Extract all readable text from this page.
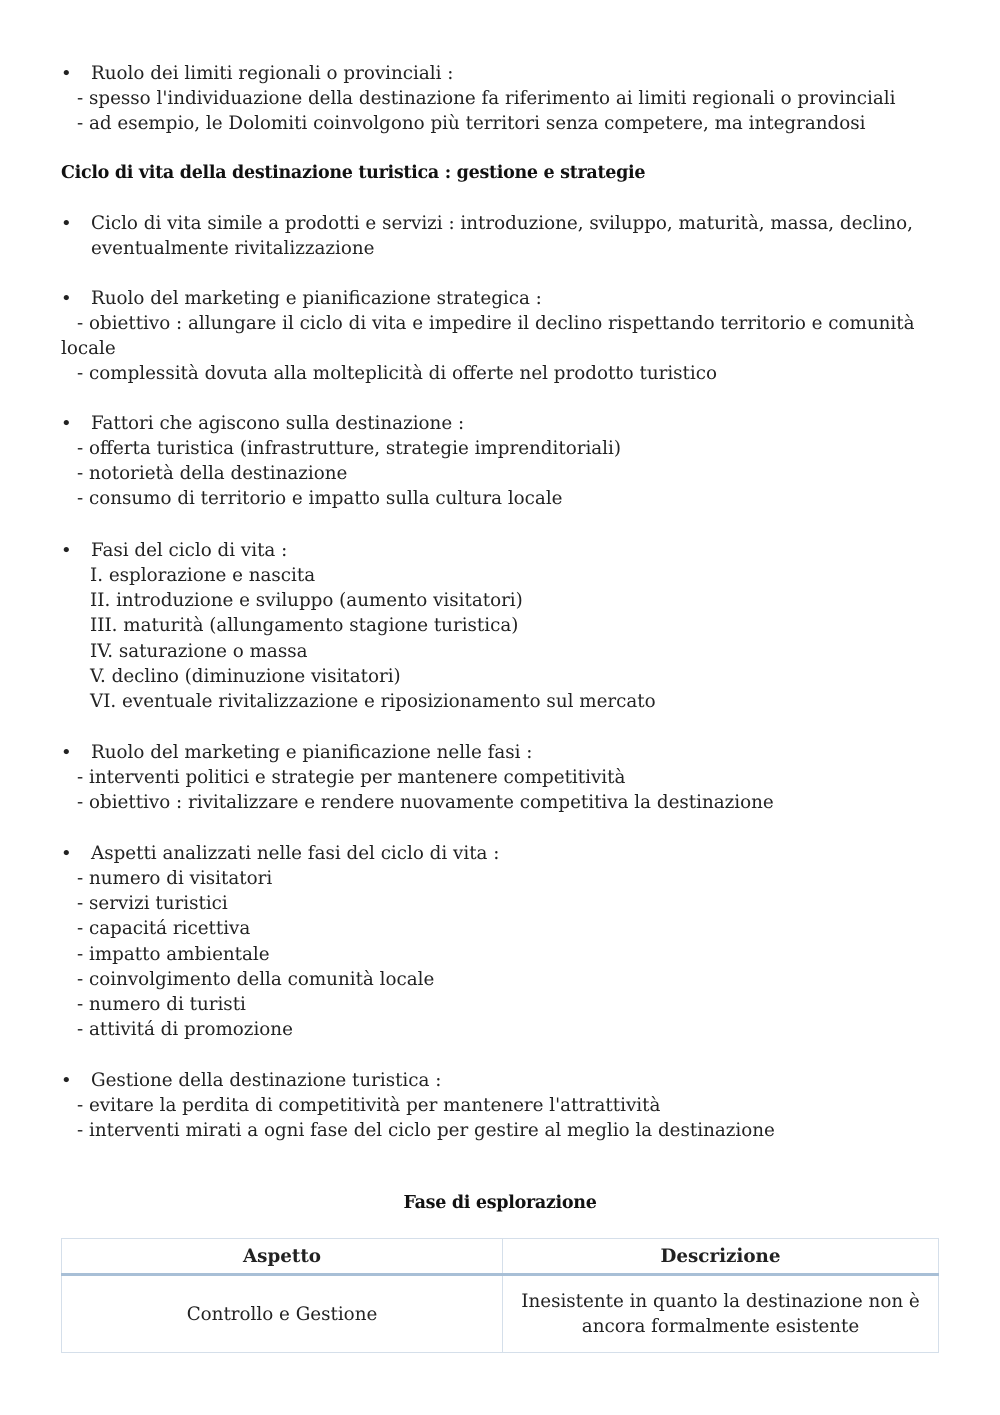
• Ruolo dei limiti regionali o provinciali :
- spesso l'individuazione della destinazione fa riferimento ai limiti regionali o provinciali
- ad esempio, le Dolomiti coinvolgono più territori senza competere, ma integrandosi
Ciclo di vita della destinazione turistica : gestione e strategie
• Ciclo di vita simile a prodotti e servizi : introduzione, sviluppo, maturità, massa, declino,
eventualmente rivitalizzazione
• Ruolo del marketing e pianificazione strategica :
- obiettivo : allungare il ciclo di vita e impedire il declino rispettando territorio e comunità
locale
- complessità dovuta alla molteplicità di offerte nel prodotto turistico
• Fattori che agiscono sulla destinazione :
- offerta turistica (infrastrutture, strategie imprenditoriali)
- notorietà della destinazione
- consumo di territorio e impatto sulla cultura locale
• Fasi del ciclo di vita :
I. esplorazione e nascita
II. introduzione e sviluppo (aumento visitatori)
III. maturità (allungamento stagione turistica)
IV. saturazione o massa
V. declino (diminuzione visitatori)
VI. eventuale rivitalizzazione e riposizionamento sul mercato
• Ruolo del marketing e pianificazione nelle fasi :
- interventi politici e strategie per mantenere competitività
- obiettivo : rivitalizzare e rendere nuovamente competitiva la destinazione
• Aspetti analizzati nelle fasi del ciclo di vita :
- numero di visitatori
- servizi turistici
- capacitá ricettiva
- impatto ambientale
- coinvolgimento della comunità locale
- numero di turisti
- attivitá di promozione
• Gestione della destinazione turistica :
- evitare la perdita di competitività per mantenere l'attrattività
- interventi mirati a ogni fase del ciclo per gestire al meglio la destinazione
Fase di esplorazione
Aspetto	Descrizione
Controllo e Gestione	Inesistente in quanto la destinazione non è
ancora formalmente esistente
